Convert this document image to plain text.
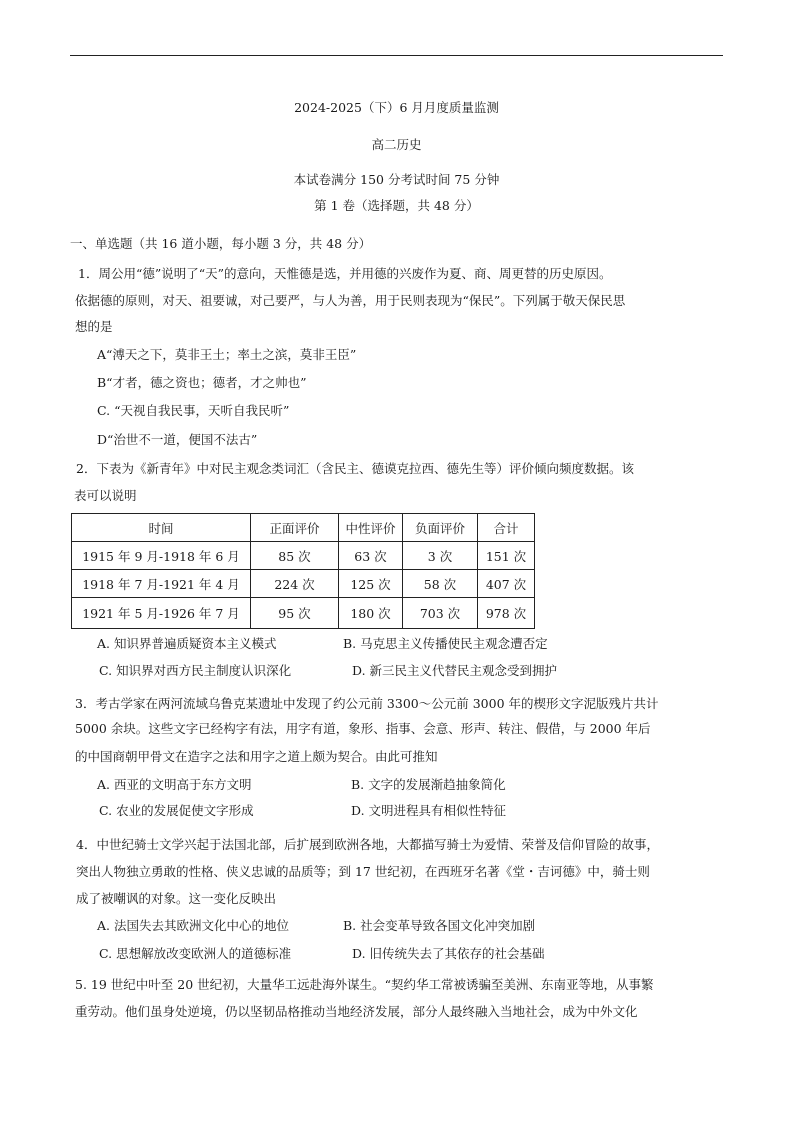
2024-2025（下）6 月月度质量监测
高二历史
本试卷满分 150 分考试时间 75 分钟
第 1 卷（选择题，共 48 分）
一、单选题（共 16 道小题，每小题 3 分，共 48 分）
1．周公用“德”说明了“天”的意向，天惟德是选，并用德的兴废作为夏、商、周更替的历史原因。
依据德的原则，对天、祖要诚，对己要严，与人为善，用于民则表现为“保民”。下列属于敬天保民思
想的是
A“溥天之下，莫非王土；率土之滨，莫非王臣”
B“才者，德之资也；德者，才之帅也”
C. “天视自我民事，天听自我民听”
D“治世不一道，便国不法古”
2．下表为《新青年》中对民主观念类词汇（含民主、德谟克拉西、德先生等）评价倾向频度数据。该
表可以说明
时间	正面评价	中性评价	负面评价	合计
1915 年 9 月-1918 年 6 月	85 次	63 次	3 次	151 次
1918 年 7 月-1921 年 4 月	224 次	125 次	58 次	407 次
1921 年 5 月-1926 年 7 月	95 次	180 次	703 次	978 次
A. 知识界普遍质疑资本主义模式	B. 马克思主义传播使民主观念遭否定
C. 知识界对西方民主制度认识深化	D. 新三民主义代替民主观念受到拥护
3．考古学家在两河流域乌鲁克某遗址中发现了约公元前 3300～公元前 3000 年的楔形文字泥版残片共计
5000 余块。这些文字已经构字有法，用字有道，象形、指事、会意、形声、转注、假借，与 2000 年后
的中国商朝甲骨文在造字之法和用字之道上颇为契合。由此可推知
A. 西亚的文明高于东方文明	B. 文字的发展渐趋抽象简化
C. 农业的发展促使文字形成	D. 文明进程具有相似性特征
4．中世纪骑士文学兴起于法国北部，后扩展到欧洲各地，大都描写骑士为爱情、荣誉及信仰冒险的故事，
突出人物独立勇敢的性格、侠义忠诚的品质等；到 17 世纪初，在西班牙名著《堂・吉诃德》中，骑士则
成了被嘲讽的对象。这一变化反映出
A. 法国失去其欧洲文化中心的地位	B. 社会变革导致各国文化冲突加剧
C. 思想解放改变欧洲人的道德标准	D. 旧传统失去了其依存的社会基础
5. 19 世纪中叶至 20 世纪初，大量华工远赴海外谋生。“契约华工常被诱骗至美洲、东南亚等地，从事繁
重劳动。他们虽身处逆境，仍以坚韧品格推动当地经济发展，部分人最终融入当地社会，成为中外文化
